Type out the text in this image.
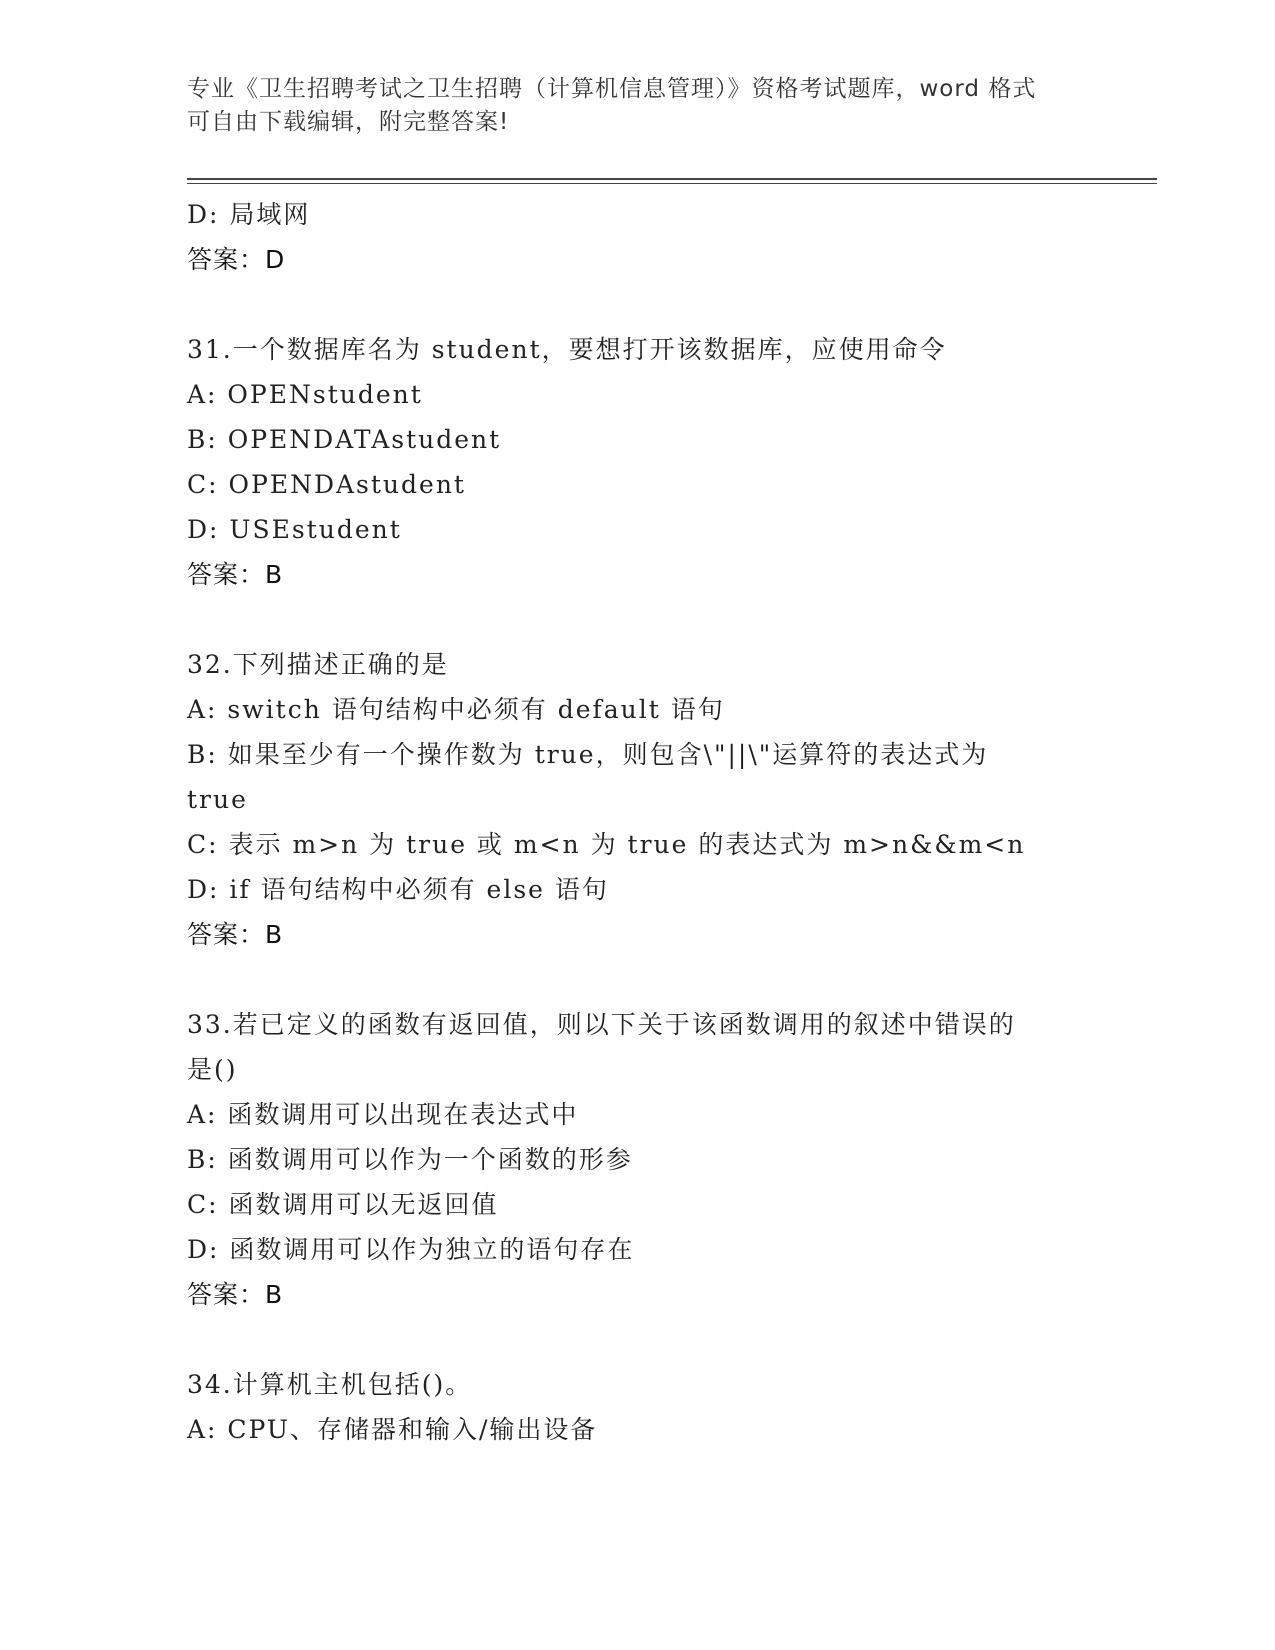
专业《卫生招聘考试之卫生招聘（计算机信息管理）》资格考试题库，word 格式
可自由下载编辑，附完整答案!
D: 局域网
答案：D
31.一个数据库名为 student，要想打开该数据库，应使用命令
A: OPENstudent
B: OPENDATAstudent
C: OPENDAstudent
D: USEstudent
答案：B
32.下列描述正确的是
A: switch 语句结构中必须有 default 语句
B: 如果至少有一个操作数为 true，则包含\"||\"运算符的表达式为
true
C: 表示 m>n 为 true 或 m<n 为 true 的表达式为 m>n&&m<n
D: if 语句结构中必须有 else 语句
答案：B
33.若已定义的函数有返回值，则以下关于该函数调用的叙述中错误的
是()
A: 函数调用可以出现在表达式中
B: 函数调用可以作为一个函数的形参
C: 函数调用可以无返回值
D: 函数调用可以作为独立的语句存在
答案：B
34.计算机主机包括()。
A: CPU、存储器和输入/输出设备
